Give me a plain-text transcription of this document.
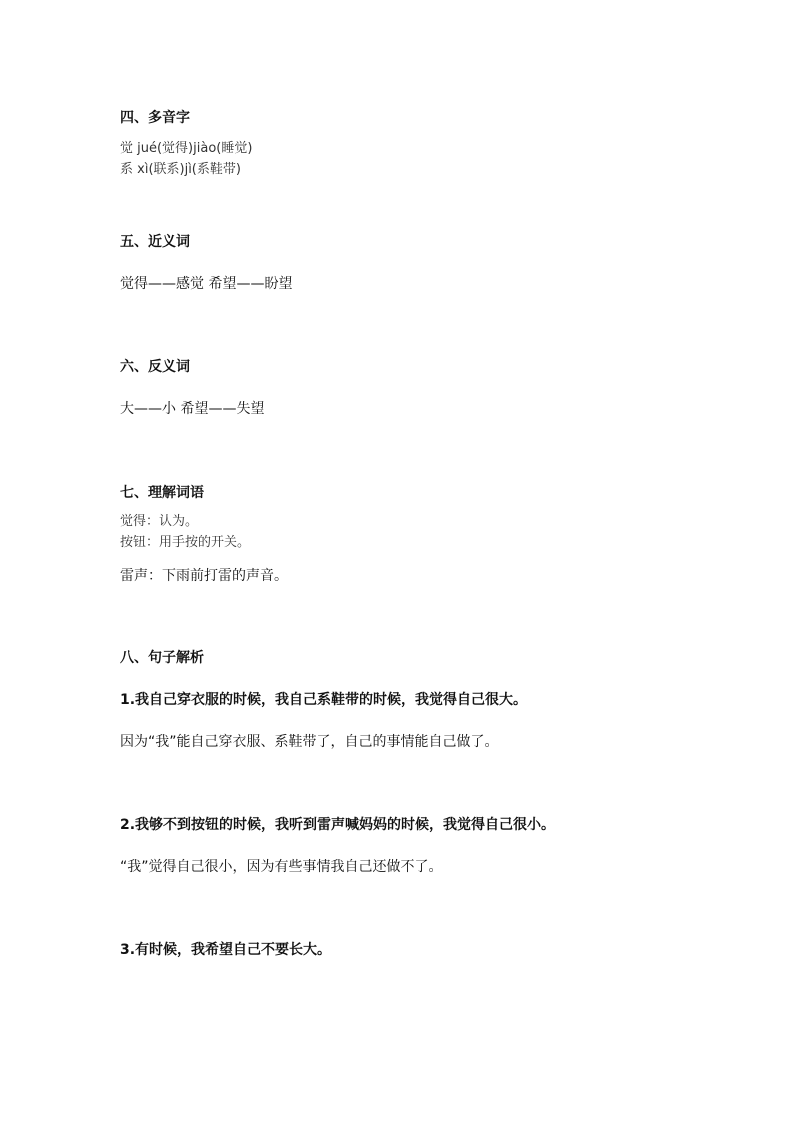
四、多音字
觉 jué(觉得)jiào(睡觉)
系 xì(联系)jì(系鞋带)
五、近义词
觉得——感觉 希望——盼望
六、反义词
大——小 希望——失望
七、理解词语
觉得：认为。
按钮：用手按的开关。
雷声：下雨前打雷的声音。
八、句子解析
1.我自己穿衣服的时候，我自己系鞋带的时候，我觉得自己很大。
因为“我”能自己穿衣服、系鞋带了，自己的事情能自己做了。
2.我够不到按钮的时候，我听到雷声喊妈妈的时候，我觉得自己很小。
“我”觉得自己很小，因为有些事情我自己还做不了。
3.有时候，我希望自己不要长大。
